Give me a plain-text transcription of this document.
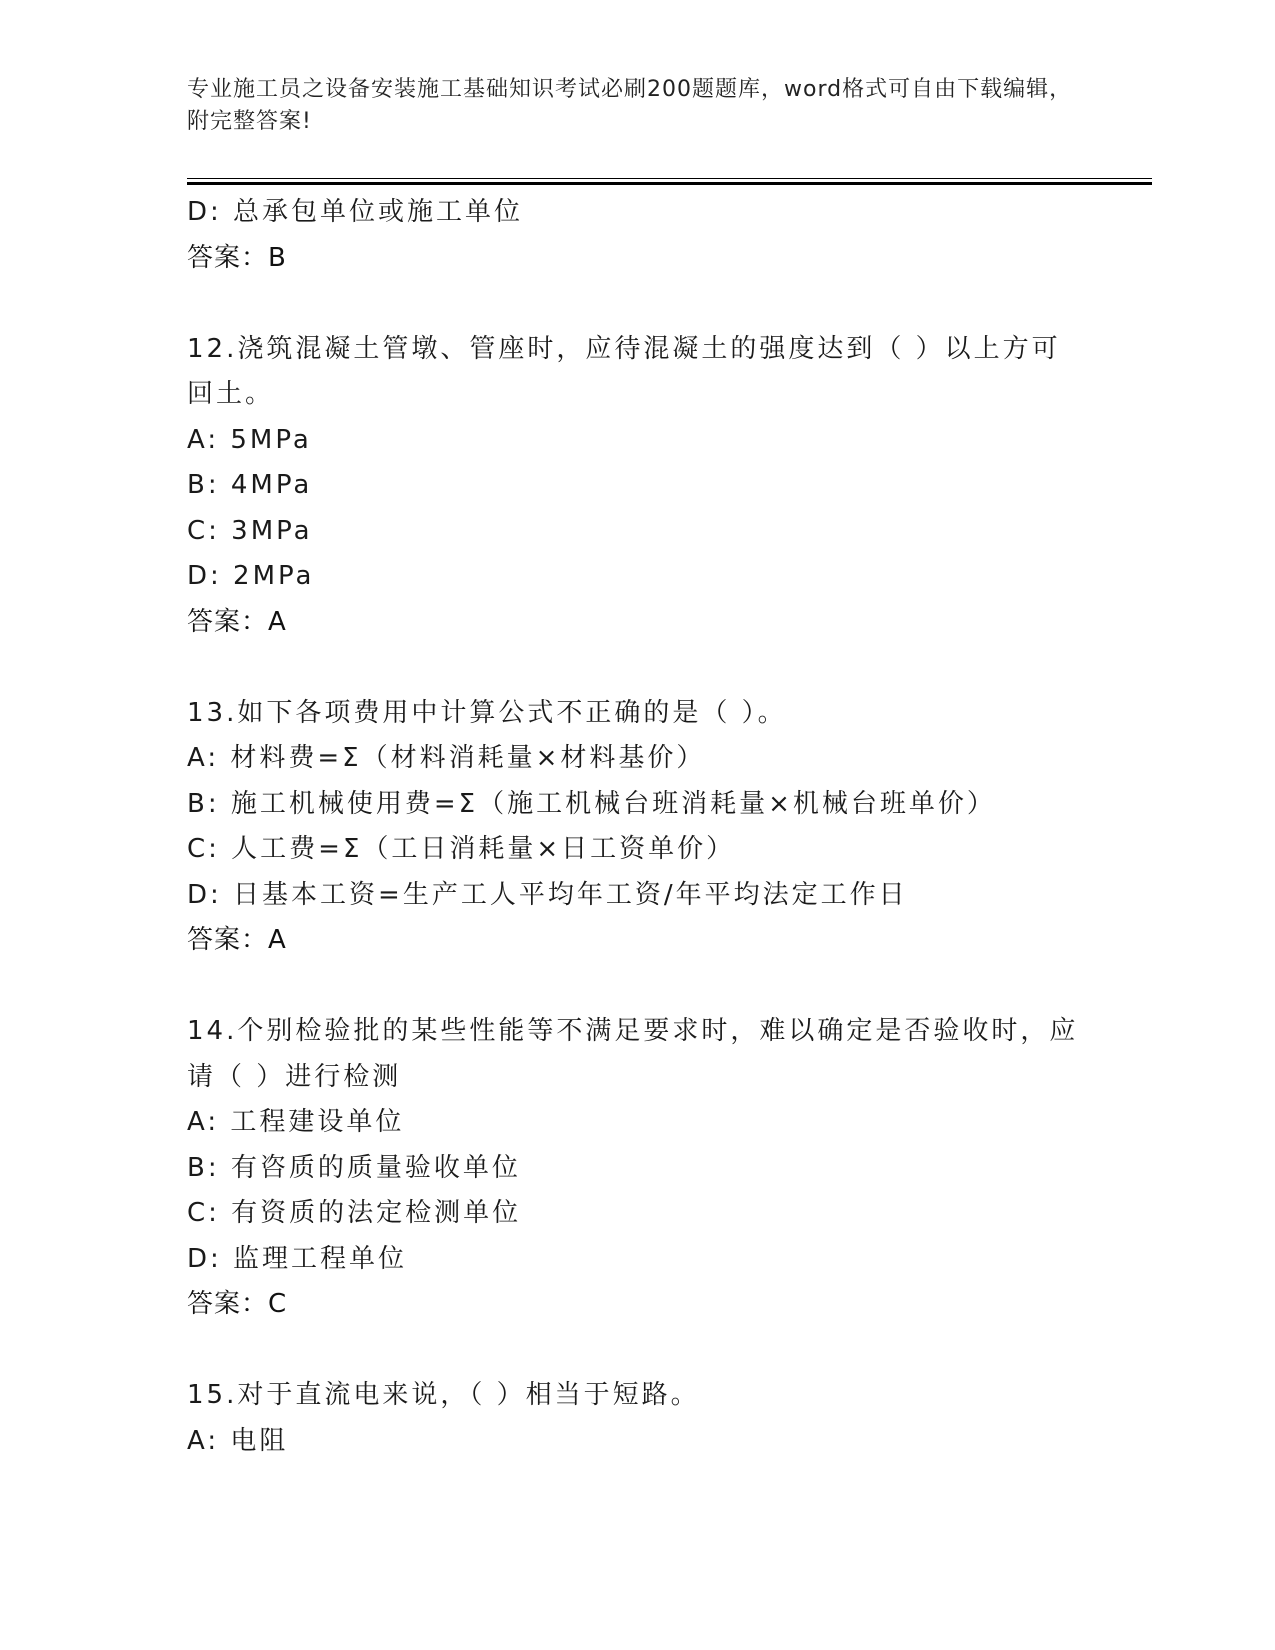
专业施工员之设备安装施工基础知识考试必刷200题题库，word格式可自由下载编辑，附完整答案!
D: 总承包单位或施工单位
答案：B
12.浇筑混凝土管墩、管座时，应待混凝土的强度达到（ ）以上方可回土。
A: 5MPa
B: 4MPa
C: 3MPa
D: 2MPa
答案：A
13.如下各项费用中计算公式不正确的是（ ）。
A: 材料费=Σ（材料消耗量×材料基价）
B: 施工机械使用费=Σ（施工机械台班消耗量×机械台班单价）
C: 人工费=Σ（工日消耗量×日工资单价）
D: 日基本工资=生产工人平均年工资/年平均法定工作日
答案：A
14.个别检验批的某些性能等不满足要求时，难以确定是否验收时，应请（ ）进行检测
A: 工程建设单位
B: 有咨质的质量验收单位
C: 有资质的法定检测单位
D: 监理工程单位
答案：C
15.对于直流电来说，（ ）相当于短路。
A: 电阻
